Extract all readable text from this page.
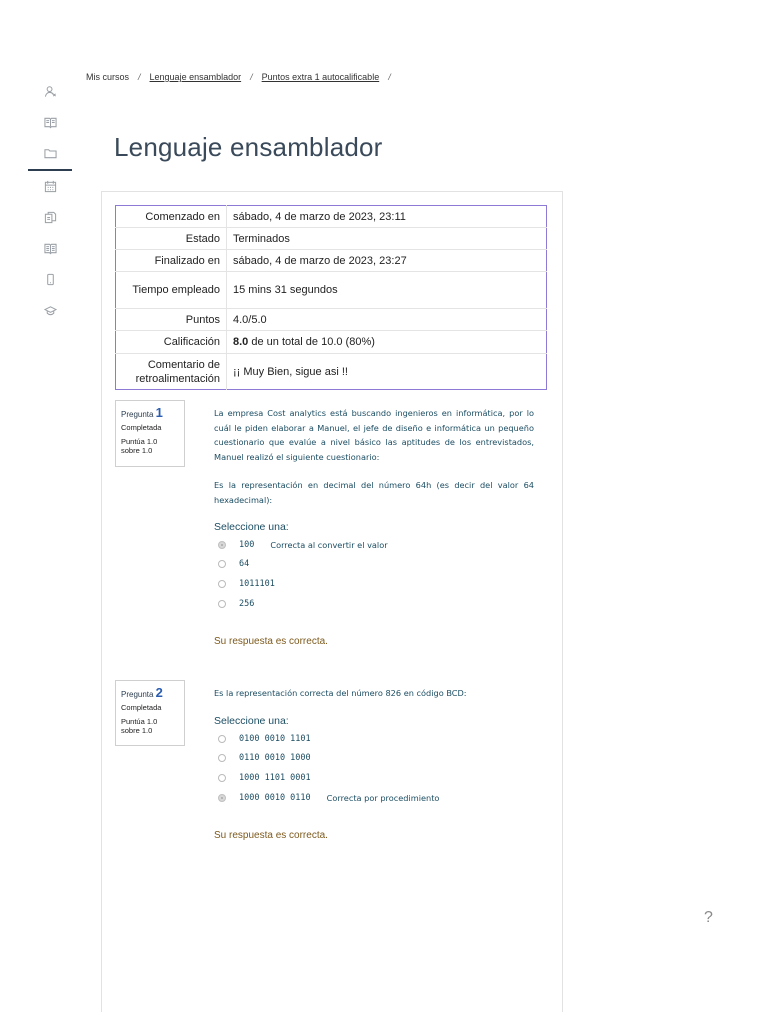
Mis cursos / Lenguaje ensamblador / Puntos extra 1 autocalificable /
Lenguaje ensamblador
Comenzado en	sábado, 4 de marzo de 2023, 23:11
Estado	Terminados
Finalizado en	sábado, 4 de marzo de 2023, 23:27
Tiempo empleado	15 mins 31 segundos
Puntos	4.0/5.0
Calificación	8.0 de un total de 10.0 (80%)
Comentario de retroalimentación	¡¡ Muy Bien, sigue asi !!
Pregunta 1
Completada
Puntúa 1.0
sobre 1.0
La empresa Cost analytics está buscando ingenieros en informática, por lo cuál le piden elaborar a Manuel, el jefe de diseño e informática un pequeño cuestionario que evalúe a nivel básico las aptitudes de los entrevistados, Manuel realizó el siguiente cuestionario:
Es la representación en decimal del número 64h (es decir del valor 64 hexadecimal):
Seleccione una:
100 Correcta al convertir el valor
64
1011101
256
Su respuesta es correcta.
Pregunta 2
Completada
Puntúa 1.0
sobre 1.0
Es la representación correcta del número 826 en código BCD:
Seleccione una:
0100 0010 1101
0110 0010 1000
1000 1101 0001
1000 0010 0110 Correcta por procedimiento
Su respuesta es correcta.
?
